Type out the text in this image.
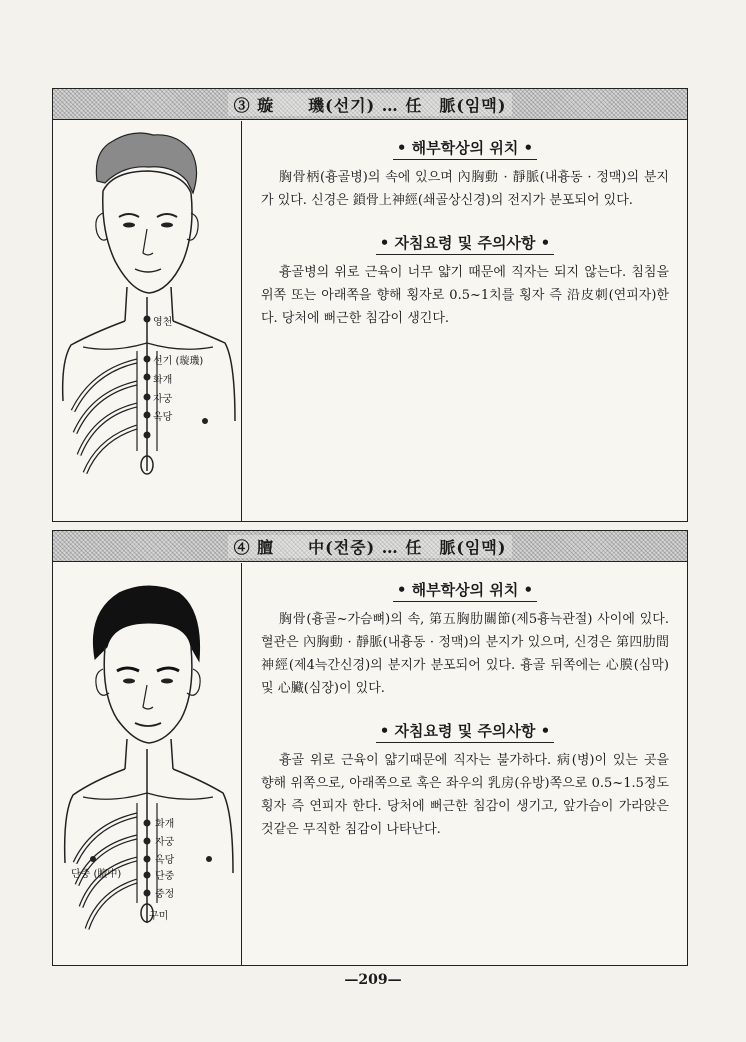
③ 璇　　璣(선기) … 任　脈(임맥)
영천
선기 (璇璣)
화개
자궁
옥당
• 해부학상의 위치 •

胸骨柄(흉골병)의 속에 있으며 內胸動 · 靜脈(내흉동 · 정맥)의 분지가 있다. 신경은 鎖骨上神經(쇄골상신경)의 전지가 분포되어 있다.

• 자침요령 및 주의사항 •

흉골병의 위로 근육이 너무 얇기 때문에 직자는 되지 않는다. 침침을 위쪽 또는 아래쪽을 향해 횡자로 0.5~1치를 횡자 즉 沿皮刺(연피자)한다. 당처에 뻐근한 침감이 생긴다.

④ 膻　　中(전중) … 任　脈(임맥)
화개
자궁
옥당
단중 (膻中)	단중
중정
구미
• 해부학상의 위치 •

胸骨(흉골~가슴뼈)의 속, 第五胸肋關節(제5흉늑관절) 사이에 있다. 혈관은 內胸動 · 靜脈(내흉동 · 정맥)의 분지가 있으며, 신경은 第四肋間神經(제4늑간신경)의 분지가 분포되어 있다. 흉골 뒤쪽에는 心膜(심막) 및 心臟(심장)이 있다.

• 자침요령 및 주의사항 •

흉골 위로 근육이 얇기때문에 직자는 불가하다. 病(병)이 있는 곳을 향해 위쪽으로, 아래쪽으로 혹은 좌우의 乳房(유방)쪽으로 0.5~1.5정도 횡자 즉 연피자 한다. 당처에 뻐근한 침감이 생기고, 앞가슴이 가라앉은 것같은 무직한 침감이 나타난다.

—209—
